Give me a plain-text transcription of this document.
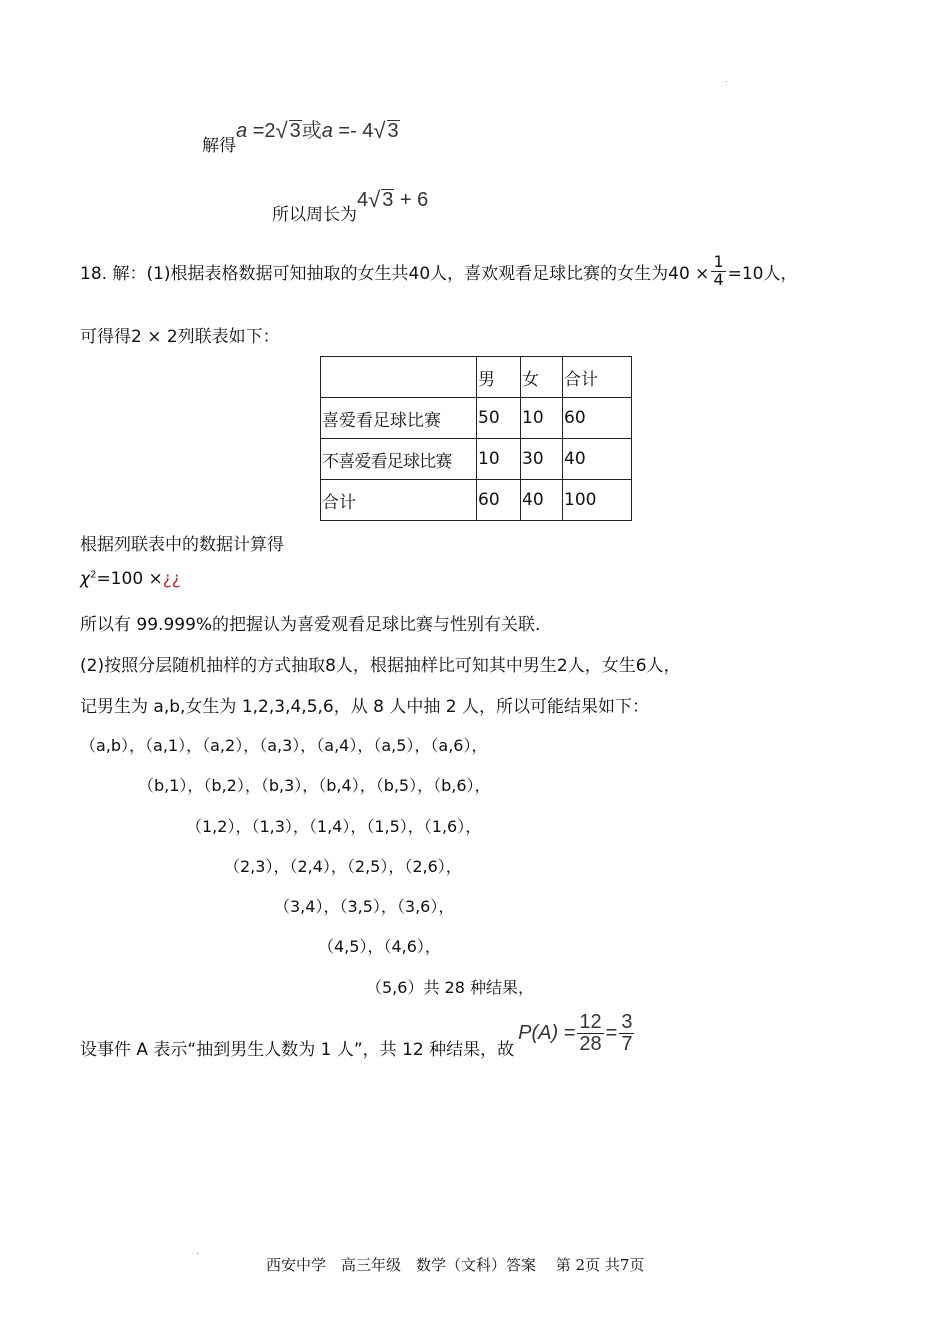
解得a =2√ 3或a =- 4√ 3
所以周长为4√ 3 + 6
18. 解：(1)根据表格数据可知抽取的女生共40人，喜欢观看足球比赛的女生为$40 \times \frac{1}{4} =10$人，
可得得2 × 2列联表如下：
	男	女	合计
喜爱看足球比赛	50	10	60
不喜爱看足球比赛	10	30	40
合计	60	40	100
根据列联表中的数据计算得
$\chi^2=100$ ×¿¿
所以有 99.999%的把握认为喜爱观看足球比赛与性别有关联.
(2)按照分层随机抽样的方式抽取8人，根据抽样比可知其中男生2人，女生6人，
记男生为 a,b,女生为 1,2,3,4,5,6，从 8 人中抽 2 人，所以可能结果如下：
（a,b），（a,1），（a,2），（a,3），（a,4），（a,5），（a,6），
（b,1），（b,2），（b,3），（b,4），（b,5），（b,6），
（1,2），（1,3），（1,4），（1,5），（1,6），
（2,3），（2,4），（2,5），（2,6），
（3,4），（3,5），（3,6），
（4,5），（4,6），
（5,6）共 28 种结果，
设事件 A 表示“抽到男生人数为 1 人”，共 12 种结果，故
$P(A) = \frac{12}{28} = \frac{3}{7}$
西安中学　高三年级　数学（文科）答案　 第 2页 共7页
